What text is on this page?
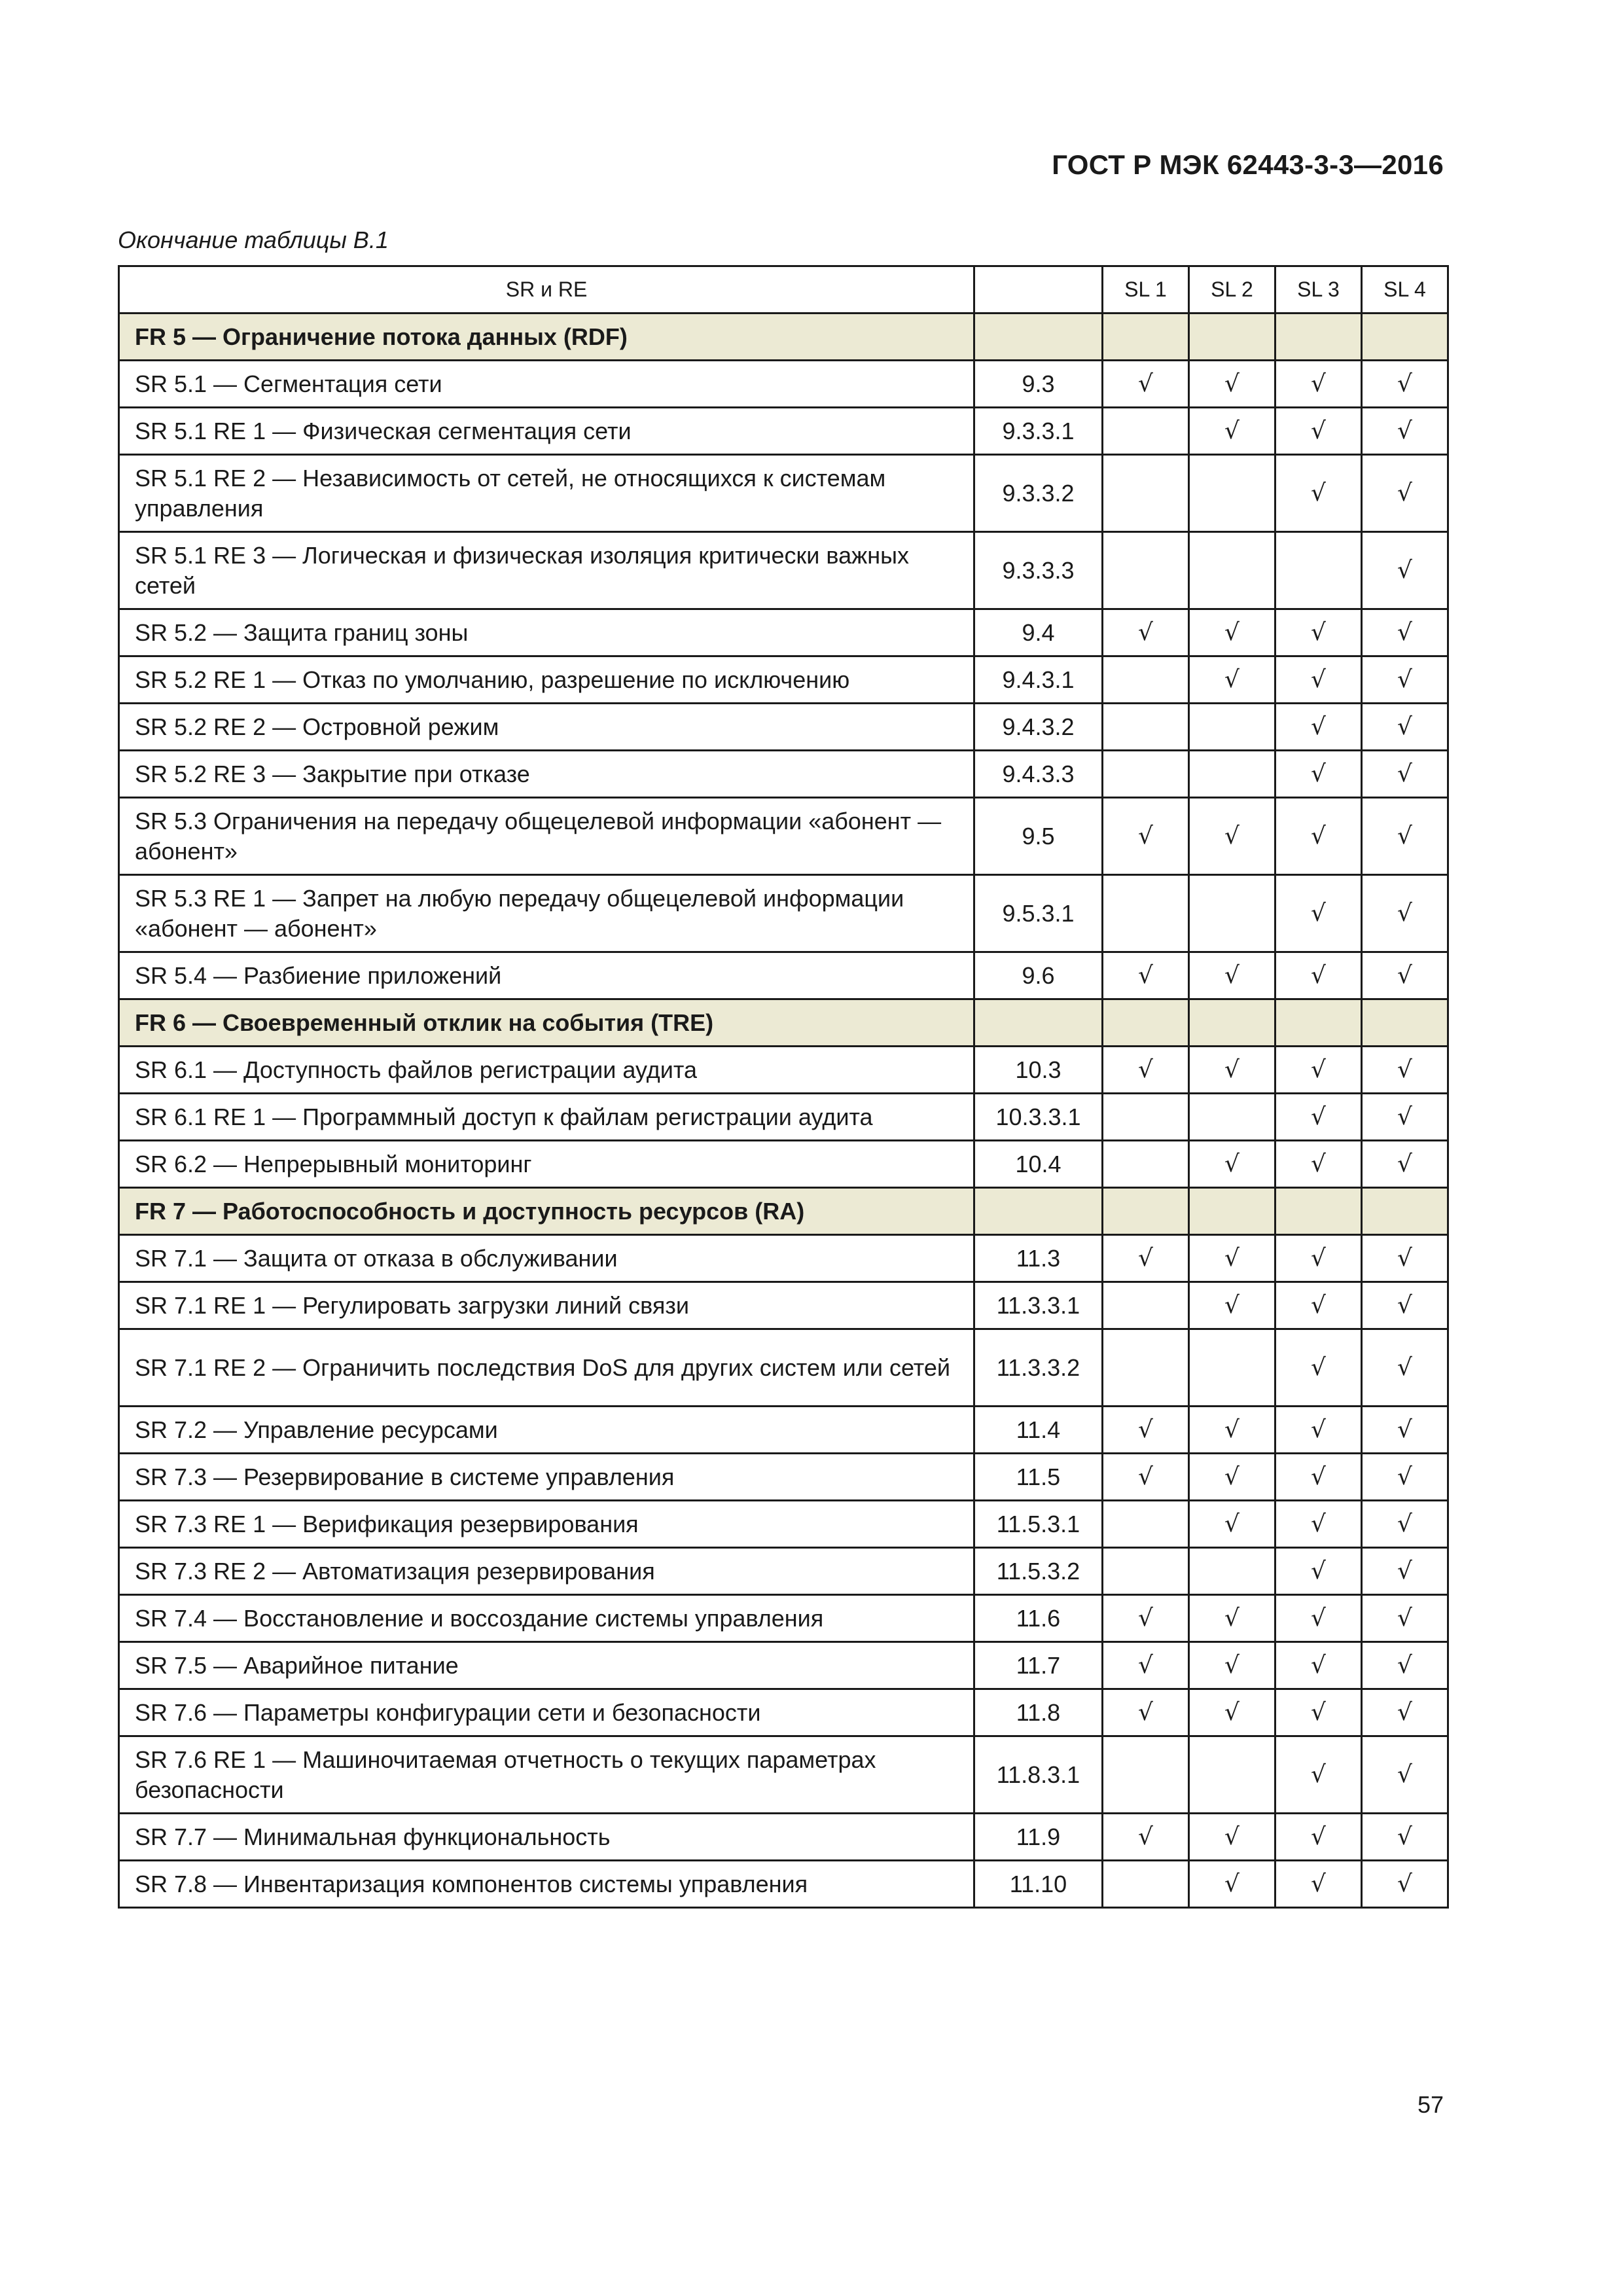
ГОСТ Р МЭК 62443-3-3—2016
Окончание таблицы В.1
SR и RE		SL 1	SL 2	SL 3	SL 4
FR 5 — Ограничение потока данных (RDF)					
SR 5.1 — Сегментация сети	9.3	√	√	√	√
SR 5.1 RE 1 — Физическая сегментация сети	9.3.3.1		√	√	√
SR 5.1 RE 2 — Независимость от сетей, не относящихся к системам управления	9.3.3.2			√	√
SR 5.1 RE 3 — Логическая и физическая изоляция критически важных сетей	9.3.3.3				√
SR 5.2 — Защита границ зоны	9.4	√	√	√	√
SR 5.2 RE 1 — Отказ по умолчанию, разрешение по исключению	9.4.3.1		√	√	√
SR 5.2 RE 2 — Островной режим	9.4.3.2			√	√
SR 5.2 RE 3 — Закрытие при отказе	9.4.3.3			√	√
SR 5.3 Ограничения на передачу общецелевой информации «абонент — абонент»	9.5	√	√	√	√
SR 5.3 RE 1 — Запрет на любую передачу общецелевой информации «абонент — абонент»	9.5.3.1			√	√
SR 5.4 — Разбиение приложений	9.6	√	√	√	√
FR 6 — Своевременный отклик на события (TRE)					
SR 6.1 — Доступность файлов регистрации аудита	10.3	√	√	√	√
SR 6.1 RE 1 — Программный доступ к файлам регистрации аудита	10.3.3.1			√	√
SR 6.2 — Непрерывный мониторинг	10.4		√	√	√
FR 7 — Работоспособность и доступность ресурсов (RA)					
SR 7.1 — Защита от отказа в обслуживании	11.3	√	√	√	√
SR 7.1 RE 1 — Регулировать загрузки линий связи	11.3.3.1		√	√	√
SR 7.1 RE 2 — Ограничить последствия DoS для других систем или сетей	11.3.3.2			√	√
SR 7.2 — Управление ресурсами	11.4	√	√	√	√
SR 7.3 — Резервирование в системе управления	11.5	√	√	√	√
SR 7.3 RE 1 — Верификация резервирования	11.5.3.1		√	√	√
SR 7.3 RE 2 — Автоматизация резервирования	11.5.3.2			√	√
SR 7.4 — Восстановление и воссоздание системы управления	11.6	√	√	√	√
SR 7.5 — Аварийное питание	11.7	√	√	√	√
SR 7.6 — Параметры конфигурации сети и безопасности	11.8	√	√	√	√
SR 7.6 RE 1 — Машиночитаемая отчетность о текущих параметрах безопасности	11.8.3.1			√	√
SR 7.7 — Минимальная функциональность	11.9	√	√	√	√
SR 7.8 — Инвентаризация компонентов системы управления	11.10		√	√	√
57
